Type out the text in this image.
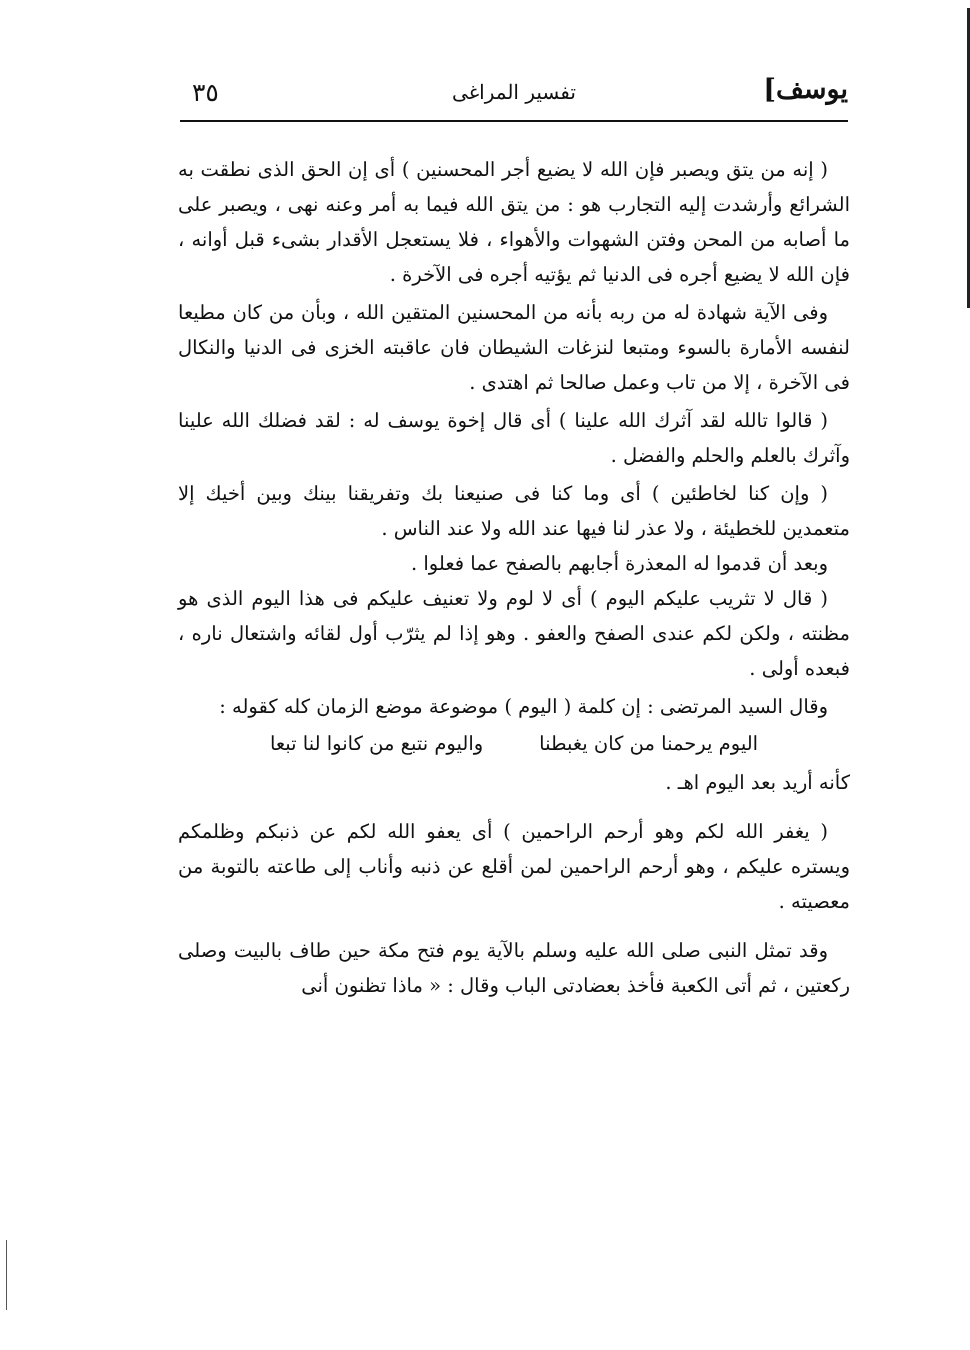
يوسف]
تفسير المراغى
٣٥

( إنه من يتق ويصبر فإن الله لا يضيع أجر المحسنين ) أى إن الحق الذى نطقت به الشرائع وأرشدت إليه التجارب هو : من يتق الله فيما به أمر وعنه نهى ، ويصبر على ما أصابه من المحن وفتن الشهوات والأهواء ، فلا يستعجل الأقدار بشىء قبل أوانه ، فإن الله لا يضيع أجره فى الدنيا ثم يؤتيه أجره فى الآخرة .

وفى الآية شهادة له من ربه بأنه من المحسنين المتقين الله ، وبأن من كان مطيعا لنفسه الأمارة بالسوء ومتبعا لنزغات الشيطان فان عاقبته الخزى فى الدنيا والنكال فى الآخرة ، إلا من تاب وعمل صالحا ثم اهتدى .

( قالوا تالله لقد آثرك الله علينا ) أى قال إخوة يوسف له : لقد فضلك الله علينا وآثرك بالعلم والحلم والفضل .

( وإن كنا لخاطئين ) أى وما كنا فى صنيعنا بك وتفريقنا بينك وبين أخيك إلا متعمدين للخطيئة ، ولا عذر لنا فيها عند الله ولا عند الناس .

وبعد أن قدموا له المعذرة أجابهم بالصفح عما فعلوا .

( قال لا تثريب عليكم اليوم ) أى لا لوم ولا تعنيف عليكم فى هذا اليوم الذى هو مظنته ، ولكن لكم عندى الصفح والعفو . وهو إذا لم يثرّب أول لقائه واشتعال ناره ، فبعده أولى .

وقال السيد المرتضى : إن كلمة ( اليوم ) موضوعة موضع الزمان كله كقوله :

اليوم يرحمنا من كان يغبطنا
واليوم نتبع من كانوا لنا تبعا

كأنه أريد بعد اليوم اهـ .

( يغفر الله لكم وهو أرحم الراحمين ) أى يعفو الله لكم عن ذنبكم وظلمكم ويستره عليكم ، وهو أرحم الراحمين لمن أقلع عن ذنبه وأناب إلى طاعته بالتوبة من معصيته .

وقد تمثل النبى صلى الله عليه وسلم بالآية يوم فتح مكة حين طاف بالبيت وصلى ركعتين ، ثم أتى الكعبة فأخذ بعضادتى الباب وقال : « ماذا تظنون أنى
